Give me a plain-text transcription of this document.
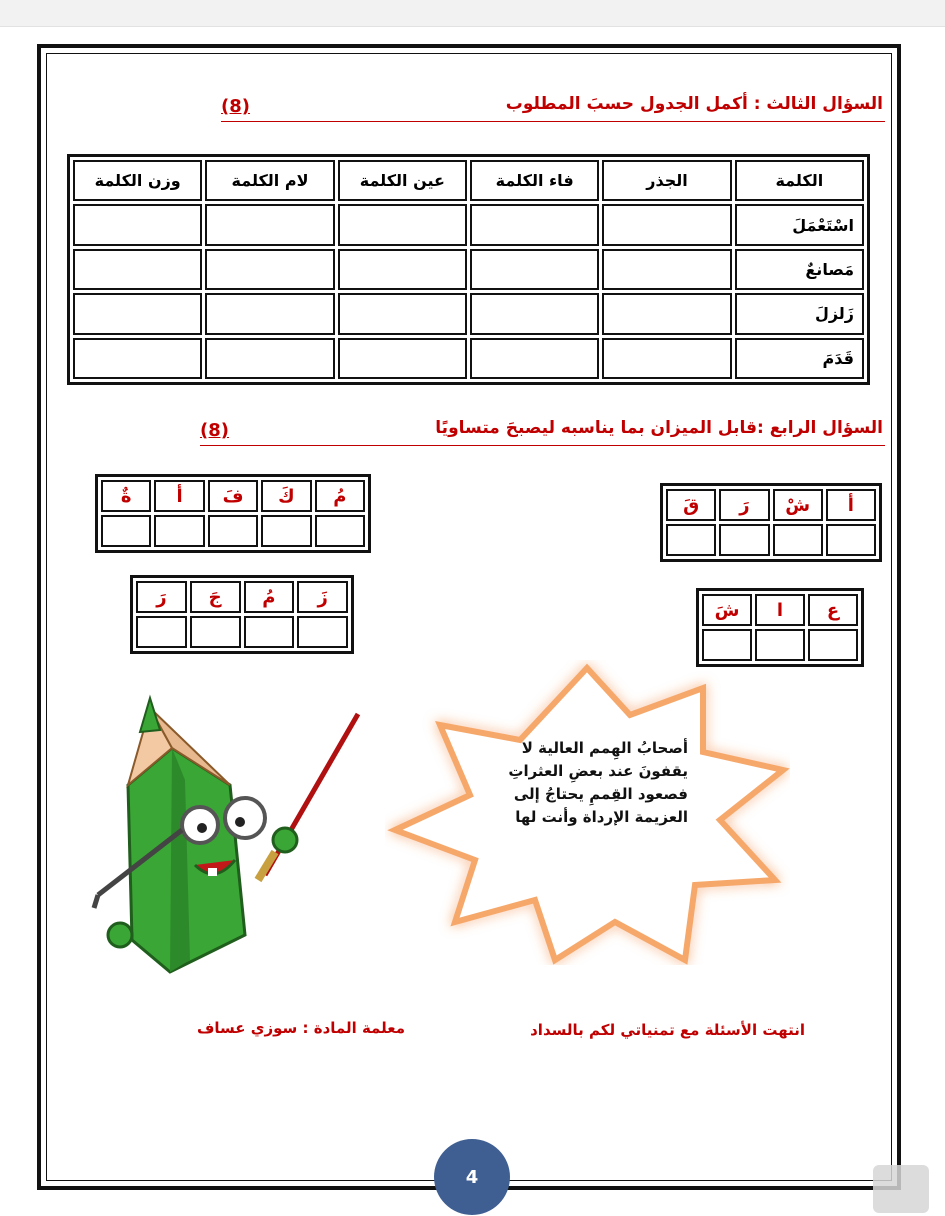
السؤال الثالث : أكمل الجدول حسبَ المطلوب
(8)
الكلمة	الجذر	فاء الكلمة	عين الكلمة	لام الكلمة	وزن الكلمة
اسْتَعْمَلَ					
مَصانعٌ					
زَلزلَ					
قَدَمَ					
السؤال الرابع :قابل الميزان بما يناسبه ليصبحَ متساويًا
(8)
أ	شْ	رَ	قَ

مُ	كَ	فَ	أ	ةٌ

ع	ا	شَ

زَ	مُ	جَ	رَ

أصحابُ الهِمم العالية لا
يقفونَ عند بعضِ العثراتِ
فصعود القِممِ يحتاجُ إلى
العزيمة الإرداة وأنت لها
انتهت الأسئلة مع تمنياتي لكم بالسداد
معلمة المادة : سوزي عساف
4
